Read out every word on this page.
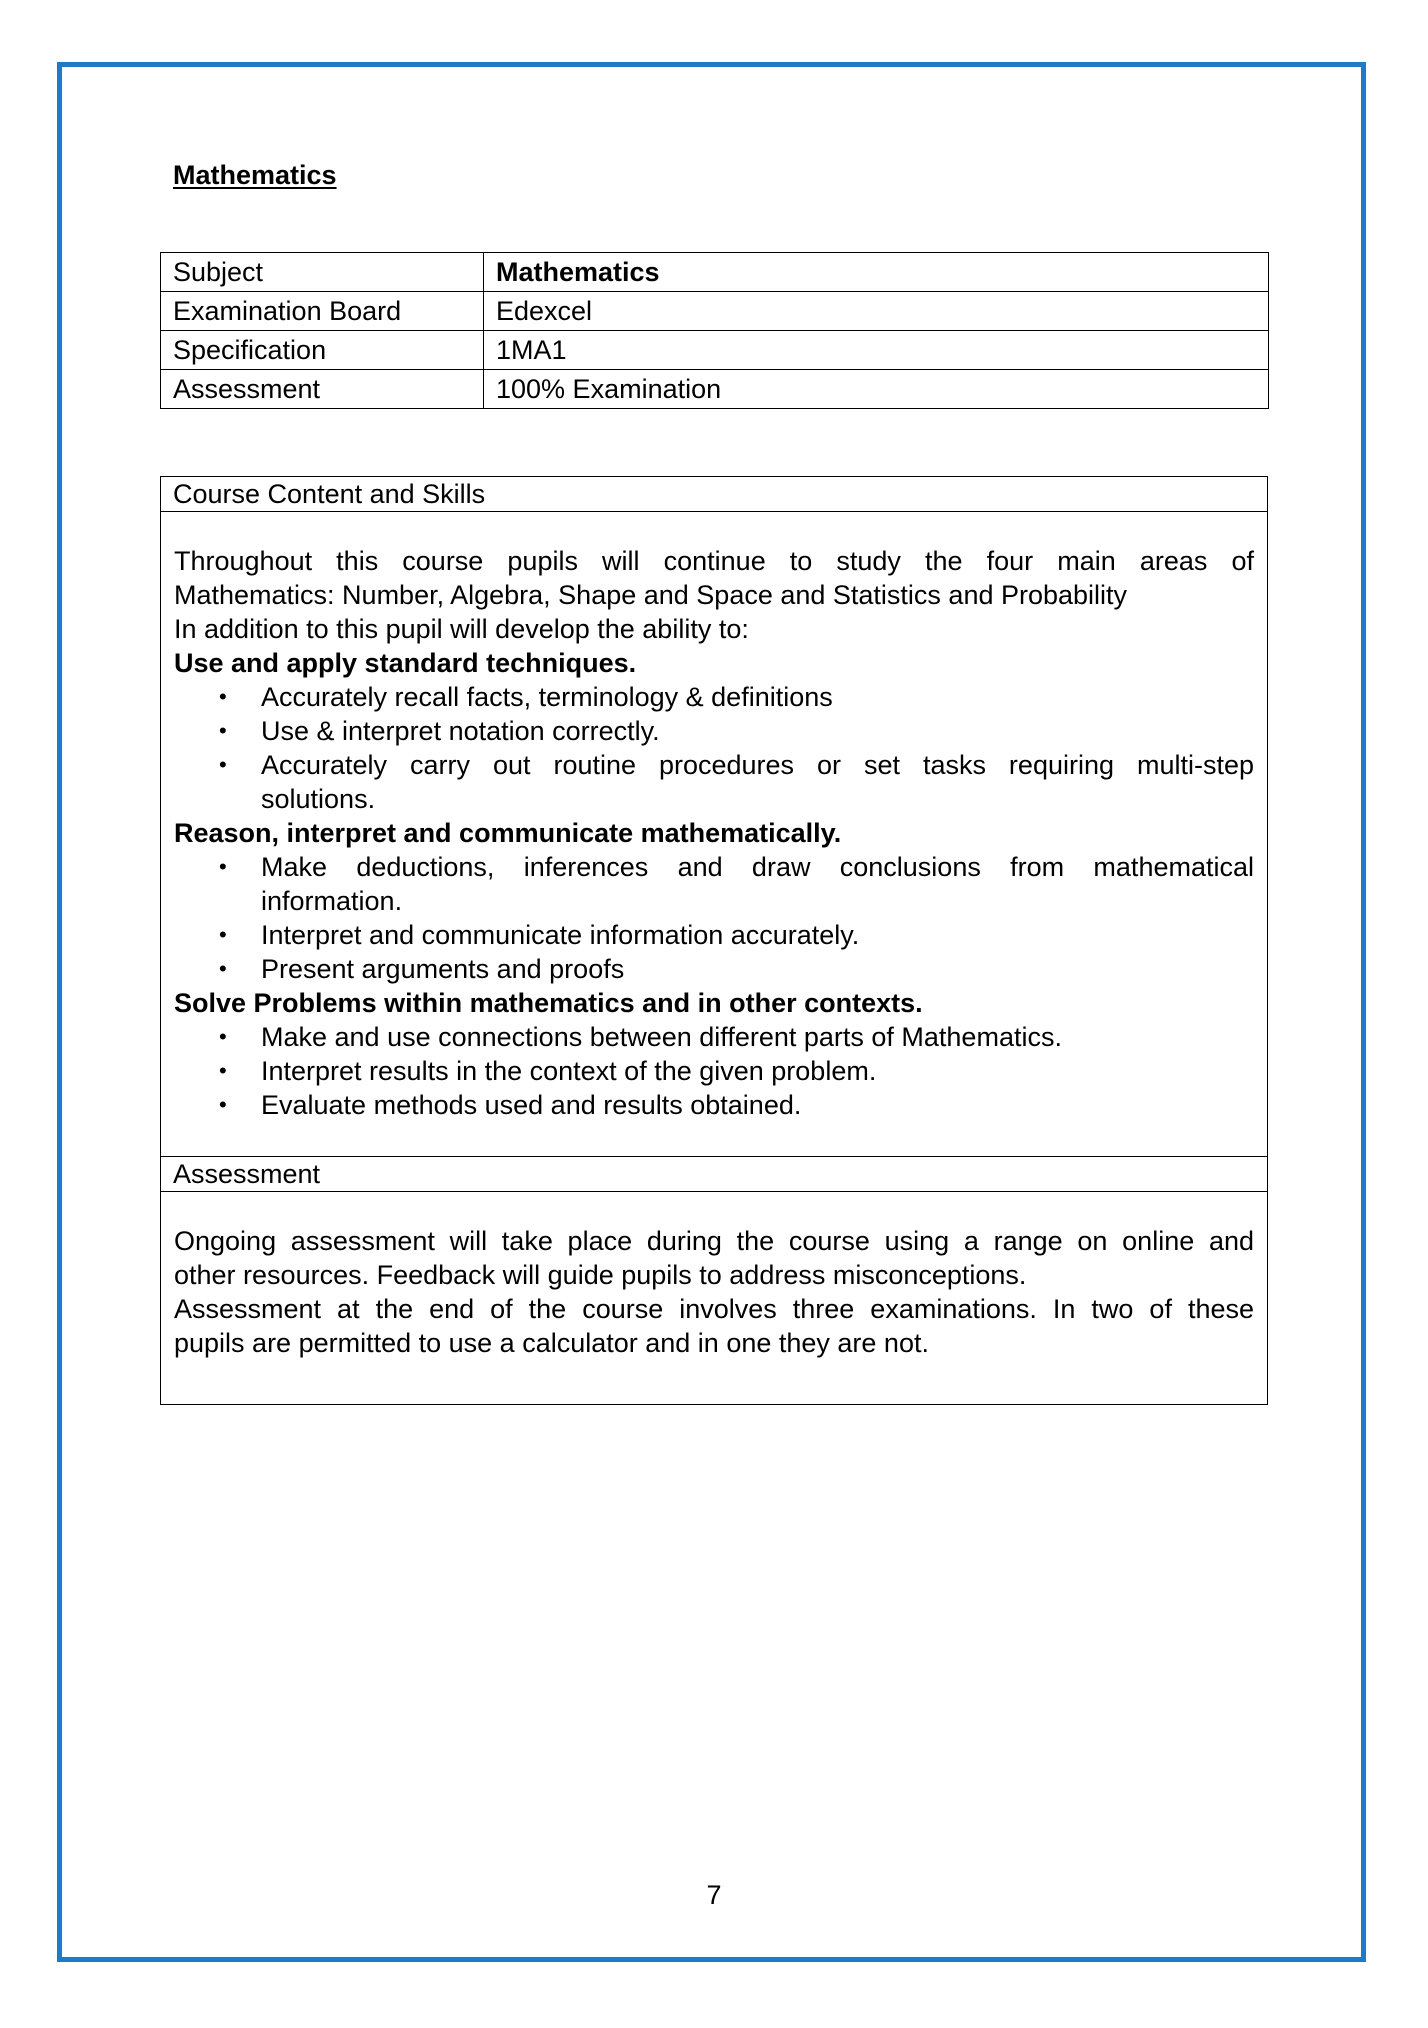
Mathematics
Subject	Mathematics
Examination Board	Edexcel
Specification	1MA1
Assessment	100% Examination
Course Content and Skills

Throughout this course pupils will continue to study the four main areas of

Mathematics: Number, Algebra, Shape and Space and Statistics and Probability

In addition to this pupil will develop the ability to:

Use and apply standard techniques.

• Accurately recall facts, terminology & definitions
• Use & interpret notation correctly.
• Accurately carry out routine procedures or set tasks requiring multi-step
solutions.

Reason, interpret and communicate mathematically.

• Make deductions, inferences and draw conclusions from mathematical
information.
• Interpret and communicate information accurately.
• Present arguments and proofs

Solve Problems within mathematics and in other contexts.

• Make and use connections between different parts of Mathematics.
• Interpret results in the context of the given problem.
• Evaluate methods used and results obtained.
Assessment

Ongoing assessment will take place during the course using a range on online and

other resources. Feedback will guide pupils to address misconceptions.

Assessment at the end of the course involves three examinations. In two of these

pupils are permitted to use a calculator and in one they are not.

7
